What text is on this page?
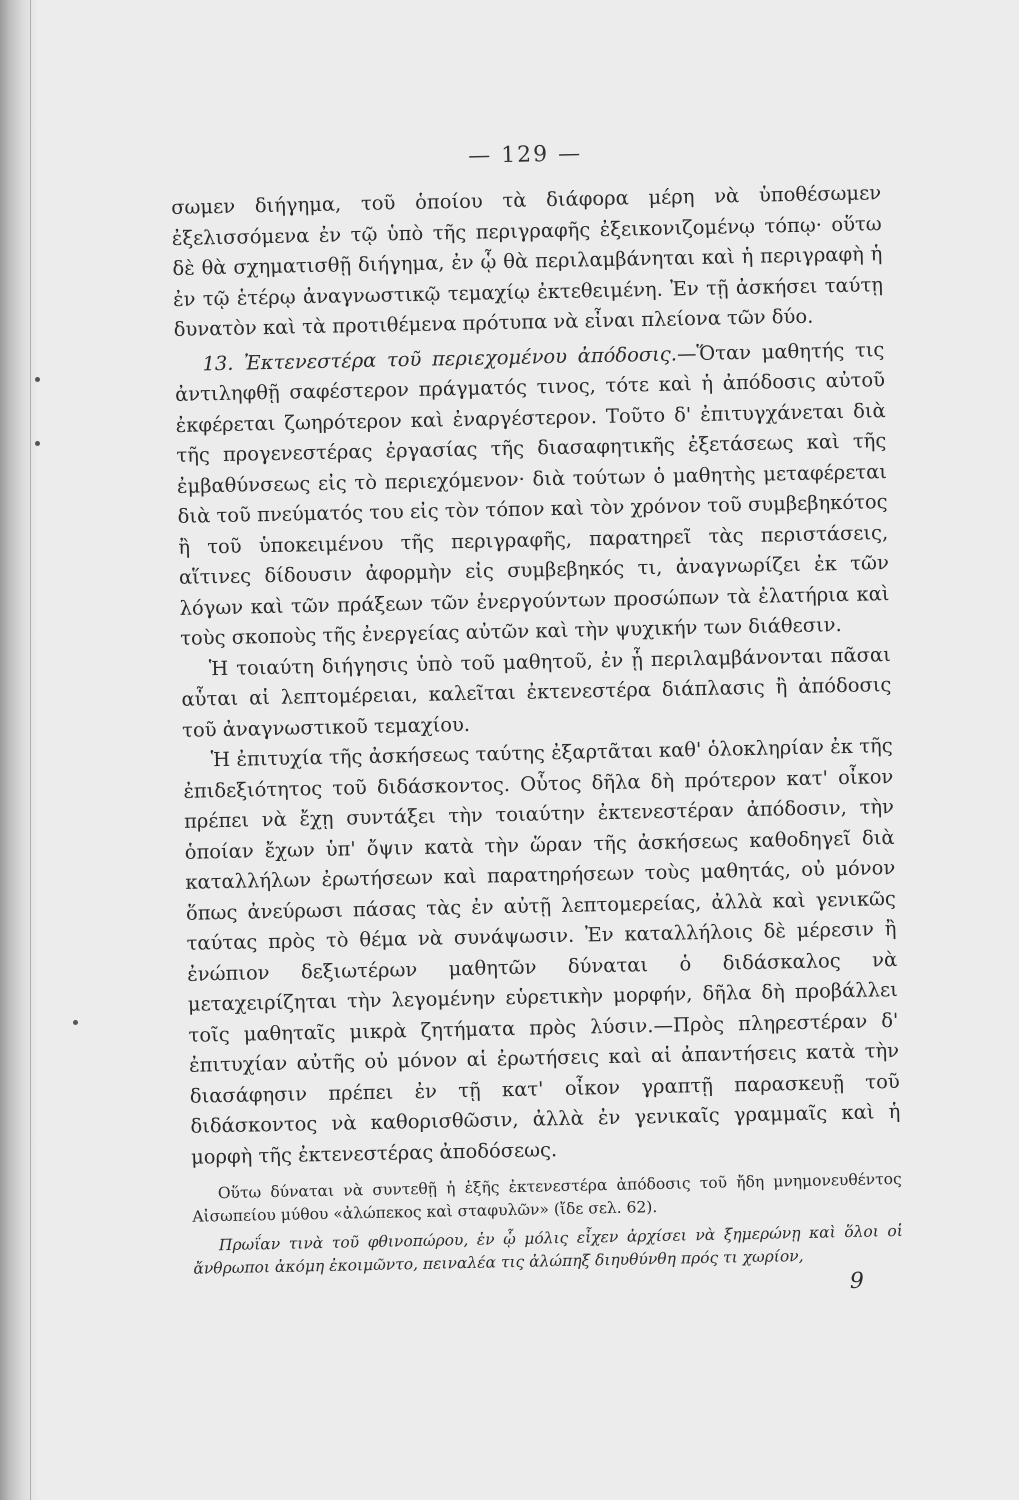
— 129 —

σωμεν διήγημα, τοῦ ὁποίου τὰ διάφορα μέρη νὰ ὑποθέσωμεν ἐξελισσόμενα ἐν τῷ ὑπὸ τῆς περιγραφῆς ἐξεικονιζομένῳ τόπῳ· οὕτω δὲ θὰ σχηματισθῇ διήγημα, ἐν ᾧ θὰ περιλαμβάνηται καὶ ἡ περιγραφὴ ἡ ἐν τῷ ἑτέρῳ ἀναγνωστικῷ τεμαχίῳ ἐκτεθειμένη. Ἐν τῇ ἀσκήσει ταύτῃ δυνατὸν καὶ τὰ προτιθέμενα πρότυπα νὰ εἶναι πλείονα τῶν δύο.

13. Ἐκτενεστέρα τοῦ περιεχομένου ἀπόδοσις.—Ὅταν μαθητής τις ἀντιληφθῇ σαφέστερον πράγματός τινος, τότε καὶ ἡ ἀπόδοσις αὐτοῦ ἐκφέρεται ζωηρότερον καὶ ἐναργέστερον. Τοῦτο δ' ἐπιτυγχάνεται διὰ τῆς προγενεστέρας ἐργασίας τῆς διασαφητικῆς ἐξετάσεως καὶ τῆς ἐμβαθύνσεως εἰς τὸ περιεχόμενον· διὰ τούτων ὁ μαθητὴς μεταφέρεται διὰ τοῦ πνεύματός του εἰς τὸν τόπον καὶ τὸν χρόνον τοῦ συμβεβηκότος ἢ τοῦ ὑποκειμένου τῆς περιγραφῆς, παρατηρεῖ τὰς περιστάσεις, αἵτινες δίδουσιν ἀφορμὴν εἰς συμβεβηκός τι, ἀναγνωρίζει ἐκ τῶν λόγων καὶ τῶν πράξεων τῶν ἐνεργούντων προσώπων τὰ ἐλατήρια καὶ τοὺς σκοποὺς τῆς ἐνεργείας αὐτῶν καὶ τὴν ψυχικήν των διάθεσιν.

Ἡ τοιαύτη διήγησις ὑπὸ τοῦ μαθητοῦ, ἐν ᾗ περιλαμβάνονται πᾶσαι αὗται αἱ λεπτομέρειαι, καλεῖται ἐκτενεστέρα διάπλασις ἢ ἀπόδοσις τοῦ ἀναγνωστικοῦ τεμαχίου.

Ἡ ἐπιτυχία τῆς ἀσκήσεως ταύτης ἐξαρτᾶται καθ' ὁλοκληρίαν ἐκ τῆς ἐπιδεξιότητος τοῦ διδάσκοντος. Οὗτος δῆλα δὴ πρότερον κατ' οἶκον πρέπει νὰ ἔχῃ συντάξει τὴν τοιαύτην ἐκτενεστέραν ἀπόδοσιν, τὴν ὁποίαν ἔχων ὑπ' ὄψιν κατὰ τὴν ὥραν τῆς ἀσκήσεως καθοδηγεῖ διὰ καταλλήλων ἐρωτήσεων καὶ παρατηρήσεων τοὺς μαθητάς, οὐ μόνον ὅπως ἀνεύρωσι πάσας τὰς ἐν αὐτῇ λεπτομερείας, ἀλλὰ καὶ γενικῶς ταύτας πρὸς τὸ θέμα νὰ συνάψωσιν. Ἐν καταλλήλοις δὲ μέρεσιν ἢ ἐνώπιον δεξιωτέρων μαθητῶν δύναται ὁ διδάσκαλος νὰ μεταχειρίζηται τὴν λεγομένην εὑρετικὴν μορφήν, δῆλα δὴ προβάλλει τοῖς μαθηταῖς μικρὰ ζητήματα πρὸς λύσιν.—Πρὸς πληρεστέραν δ' ἐπιτυχίαν αὐτῆς οὐ μόνον αἱ ἐρωτήσεις καὶ αἱ ἀπαντήσεις κατὰ τὴν διασάφησιν πρέπει ἐν τῇ κατ' οἶκον γραπτῇ παρασκευῇ τοῦ διδάσκοντος νὰ καθορισθῶσιν, ἀλλὰ ἐν γενικαῖς γραμμαῖς καὶ ἡ μορφὴ τῆς ἐκτενεστέρας ἀποδόσεως.

Οὕτω δύναται νὰ συντεθῇ ἡ ἑξῆς ἐκτενεστέρα ἀπόδοσις τοῦ ἤδη μνημονευθέντος Αἰσωπείου μύθου «ἀλώπεκος καὶ σταφυλῶν» (ἴδε σελ. 62).

Πρωΐαν τινὰ τοῦ φθινοπώρου, ἐν ᾧ μόλις εἶχεν ἀρχίσει νὰ ξημερώνῃ καὶ ὅλοι οἱ ἄνθρωποι ἀκόμη ἐκοιμῶντο, πειναλέα τις ἀλώπηξ διηυθύνθη πρός τι χωρίον,

9
